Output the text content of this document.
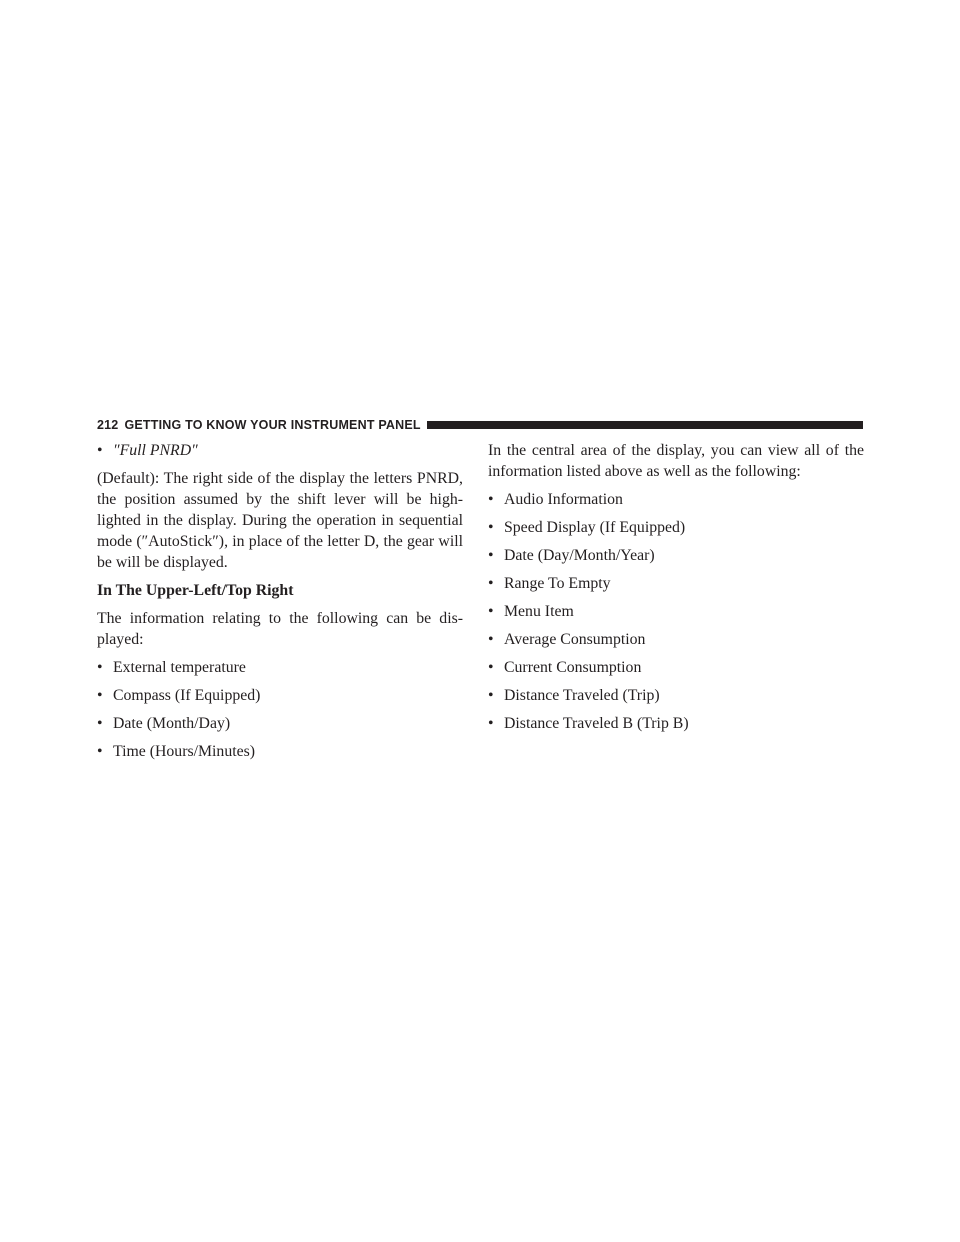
212 GETTING TO KNOW YOUR INSTRUMENT PANEL
• ″Full PNRD″

(Default): The right side of the display the letters PNRD, the position assumed by the shift lever will be high-lighted in the display. During the operation in sequential mode (″AutoStick″), in place of the letter D, the gear will be will be displayed.

In The Upper-Left/Top Right

The information relating to the following can be dis-played:

• External temperature
• Compass (If Equipped)
• Date (Month/Day)
• Time (Hours/Minutes)

In the central area of the display, you can view all of the information listed above as well as the following:

• Audio Information
• Speed Display (If Equipped)
• Date (Day/Month/Year)
• Range To Empty
• Menu Item
• Average Consumption
• Current Consumption
• Distance Traveled (Trip)
• Distance Traveled B (Trip B)
